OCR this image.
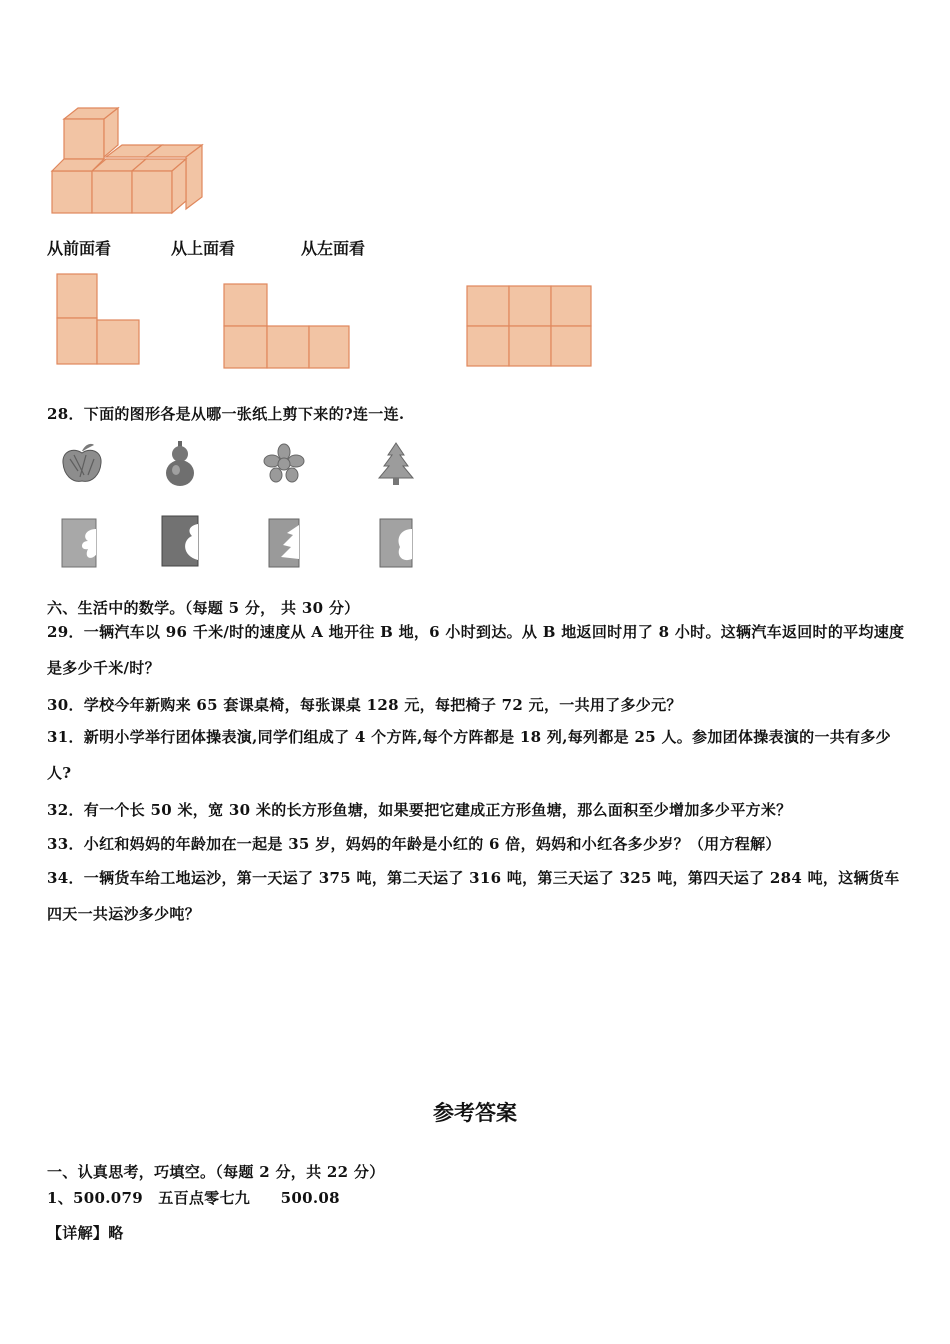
从前面看	从上面看	从左面看
28．下面的图形各是从哪一张纸上剪下来的?连一连.
六、生活中的数学。（每题 5 分， 共 30 分）
29．一辆汽车以 96 千米/时的速度从 A 地开往 B 地，6 小时到达。从 B 地返回时用了 8 小时。这辆汽车返回时的平均速度是多少千米/时？
30．学校今年新购来 65 套课桌椅，每张课桌 128 元，每把椅子 72 元，一共用了多少元？
31．新明小学举行团体操表演,同学们组成了 4 个方阵,每个方阵都是 18 列,每列都是 25 人。参加团体操表演的一共有多少人?
32．有一个长 50 米，宽 30 米的长方形鱼塘，如果要把它建成正方形鱼塘，那么面积至少增加多少平方米？
33．小红和妈妈的年龄加在一起是 35 岁，妈妈的年龄是小红的 6 倍，妈妈和小红各多少岁？（用方程解）
34．一辆货车给工地运沙，第一天运了 375 吨，第二天运了 316 吨，第三天运了 325 吨，第四天运了 284 吨，这辆货车四天一共运沙多少吨？
参考答案
一、认真思考，巧填空。（每题 2 分，共 22 分）
1、500.079　五百点零七九　　500.08
【详解】略
